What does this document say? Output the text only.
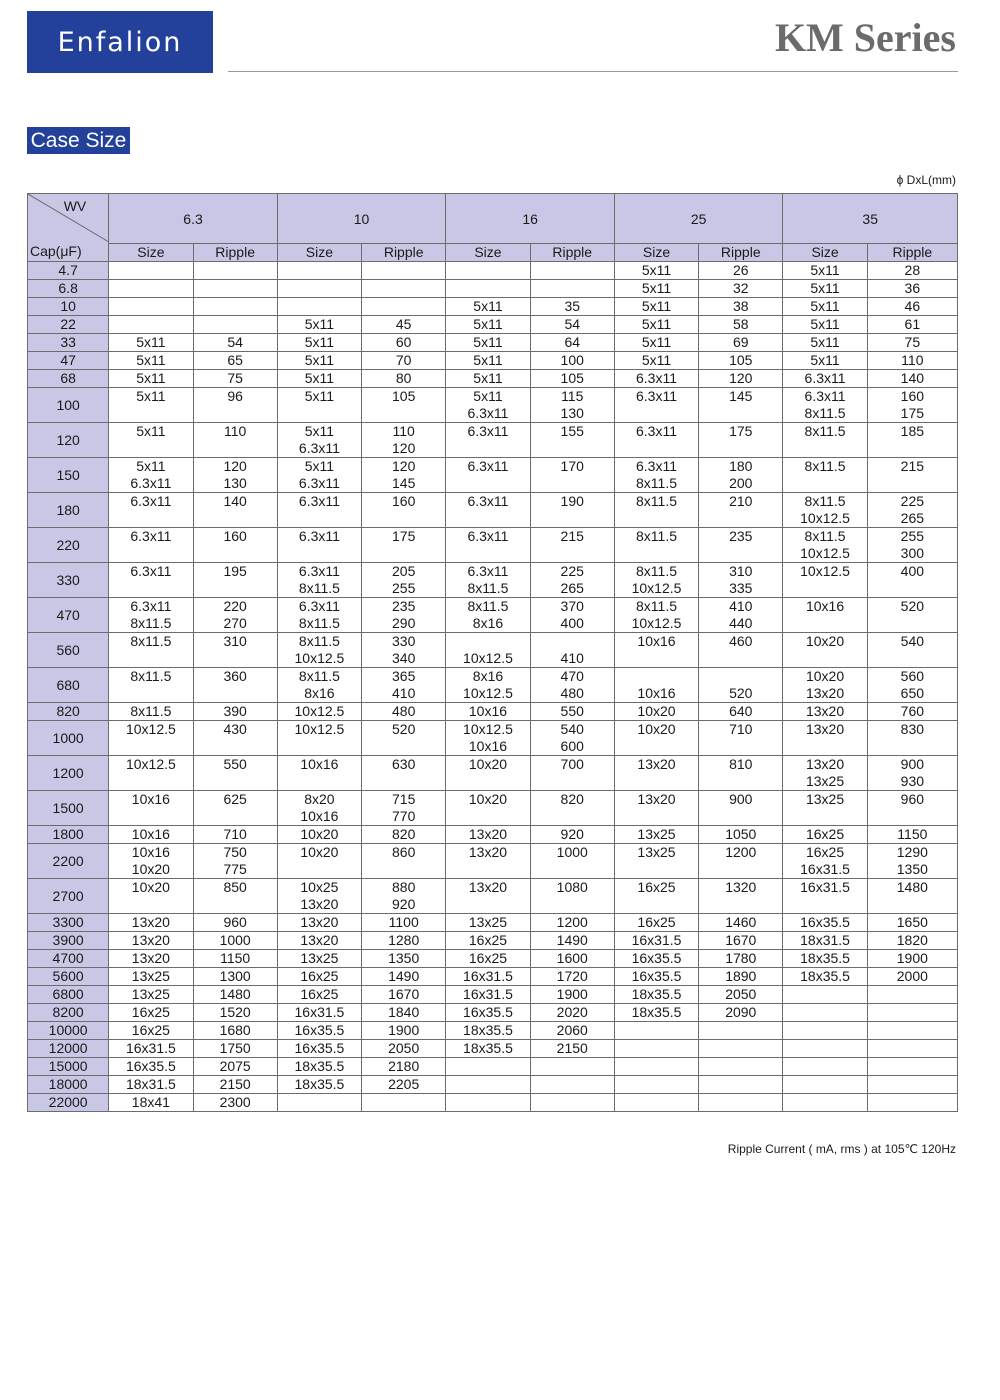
Enfalion	KM Series
Case Size
ϕ DxL(mm)
WV
Cap(μF)	6.3		10		16		25		35	
	Size	Ripple	Size	Ripple	Size	Ripple	Size	Ripple	Size	Ripple
4.7							5x11	26	5x11	28
6.8							5x11	32	5x11	36
10					5x11	35	5x11	38	5x11	46
22			5x11	45	5x11	54	5x11	58	5x11	61
33	5x11	54	5x11	60	5x11	64	5x11	69	5x11	75
47	5x11	65	5x11	70	5x11	100	5x11	105	5x11	110
68	5x11	75	5x11	80	5x11	105	6.3x11	120	6.3x11	140
100	5x11	96	5x11	105	5x11	115	6.3x11	145	6.3x11	160
					6.3x11	130			8x11.5	175
120	5x11	110	5x11	110	6.3x11	155	6.3x11	175	8x11.5	185
			6.3x11	120						
150	5x11	120	5x11	120	6.3x11	170	6.3x11	180	8x11.5	215
	6.3x11	130	6.3x11	145			8x11.5	200		
180	6.3x11	140	6.3x11	160	6.3x11	190	8x11.5	210	8x11.5	225
									10x12.5	265
220	6.3x11	160	6.3x11	175	6.3x11	215	8x11.5	235	8x11.5	255
									10x12.5	300
330	6.3x11	195	6.3x11	205	6.3x11	225	8x11.5	310	10x12.5	400
			8x11.5	255	8x11.5	265	10x12.5	335		
470	6.3x11	220	6.3x11	235	8x11.5	370	8x11.5	410	10x16	520
	8x11.5	270	8x11.5	290	8x16	400	10x12.5	440		
560	8x11.5	310	8x11.5	330			10x16	460	10x20	540
			10x12.5	340	10x12.5	410				
680	8x11.5	360	8x11.5	365	8x16	470			10x20	560
			8x16	410	10x12.5	480	10x16	520	13x20	650
820	8x11.5	390	10x12.5	480	10x16	550	10x20	640	13x20	760
1000	10x12.5	430	10x12.5	520	10x12.5	540	10x20	710	13x20	830
					10x16	600				
1200	10x12.5	550	10x16	630	10x20	700	13x20	810	13x20	900
									13x25	930
1500	10x16	625	8x20	715	10x20	820	13x20	900	13x25	960
			10x16	770						
1800	10x16	710	10x20	820	13x20	920	13x25	1050	16x25	1150
2200	10x16	750	10x20	860	13x20	1000	13x25	1200	16x25	1290
	10x20	775							16x31.5	1350
2700	10x20	850	10x25	880	13x20	1080	16x25	1320	16x31.5	1480
			13x20	920						
3300	13x20	960	13x20	1100	13x25	1200	16x25	1460	16x35.5	1650
3900	13x20	1000	13x20	1280	16x25	1490	16x31.5	1670	18x31.5	1820
4700	13x20	1150	13x25	1350	16x25	1600	16x35.5	1780	18x35.5	1900
5600	13x25	1300	16x25	1490	16x31.5	1720	16x35.5	1890	18x35.5	2000
6800	13x25	1480	16x25	1670	16x31.5	1900	18x35.5	2050		
8200	16x25	1520	16x31.5	1840	16x35.5	2020	18x35.5	2090		
10000	16x25	1680	16x35.5	1900	18x35.5	2060				
12000	16x31.5	1750	16x35.5	2050	18x35.5	2150				
15000	16x35.5	2075	18x35.5	2180						
18000	18x31.5	2150	18x35.5	2205						
22000	18x41	2300								
Ripple Current ( mA, rms ) at 105℃ 120Hz
